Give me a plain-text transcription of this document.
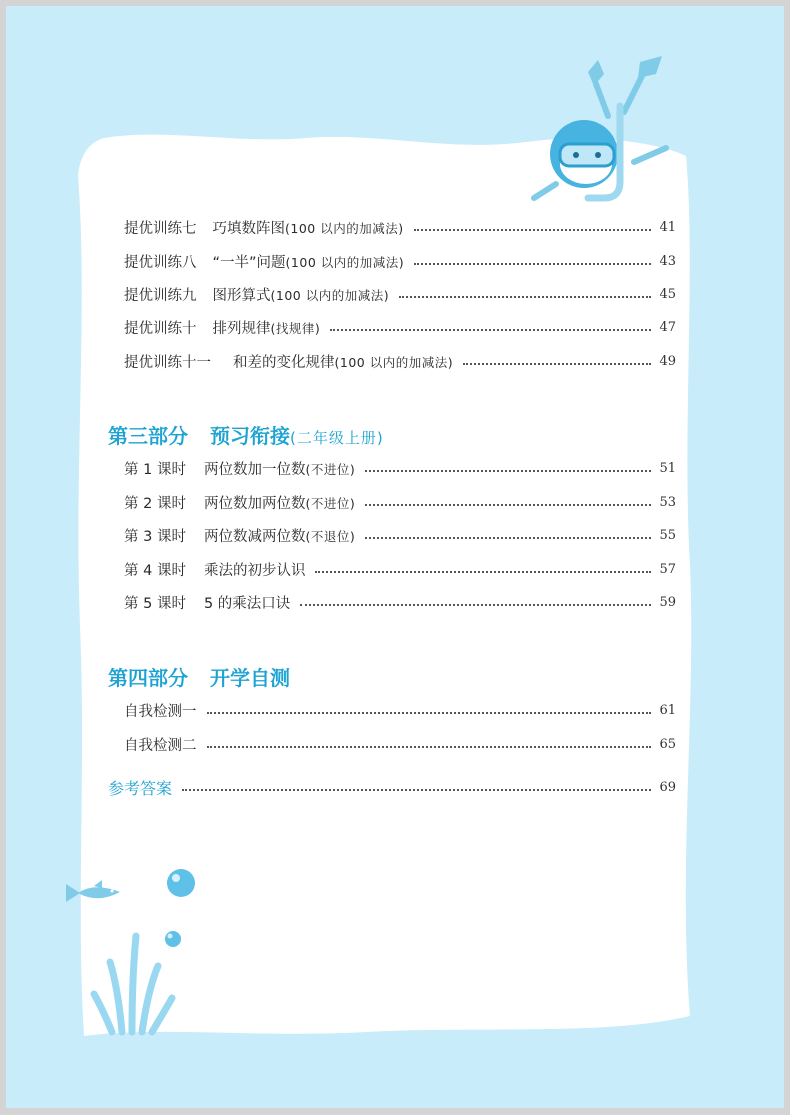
提优训练七 巧填数阵图(100 以内的加减法)	41
提优训练八 “一半”问题(100 以内的加减法)	43
提优训练九 图形算式(100 以内的加减法)	45
提优训练十 排列规律(找规律)	47
提优训练十一 和差的变化规律(100 以内的加减法)	49
第三部分 预习衔接(二年级上册)
第 1 课时 两位数加一位数(不进位)	51
第 2 课时 两位数加两位数(不进位)	53
第 3 课时 两位数减两位数(不退位)	55
第 4 课时 乘法的初步认识	57
第 5 课时 5 的乘法口诀	59
第四部分 开学自测
自我检测一	61
自我检测二	65
参考答案	69
